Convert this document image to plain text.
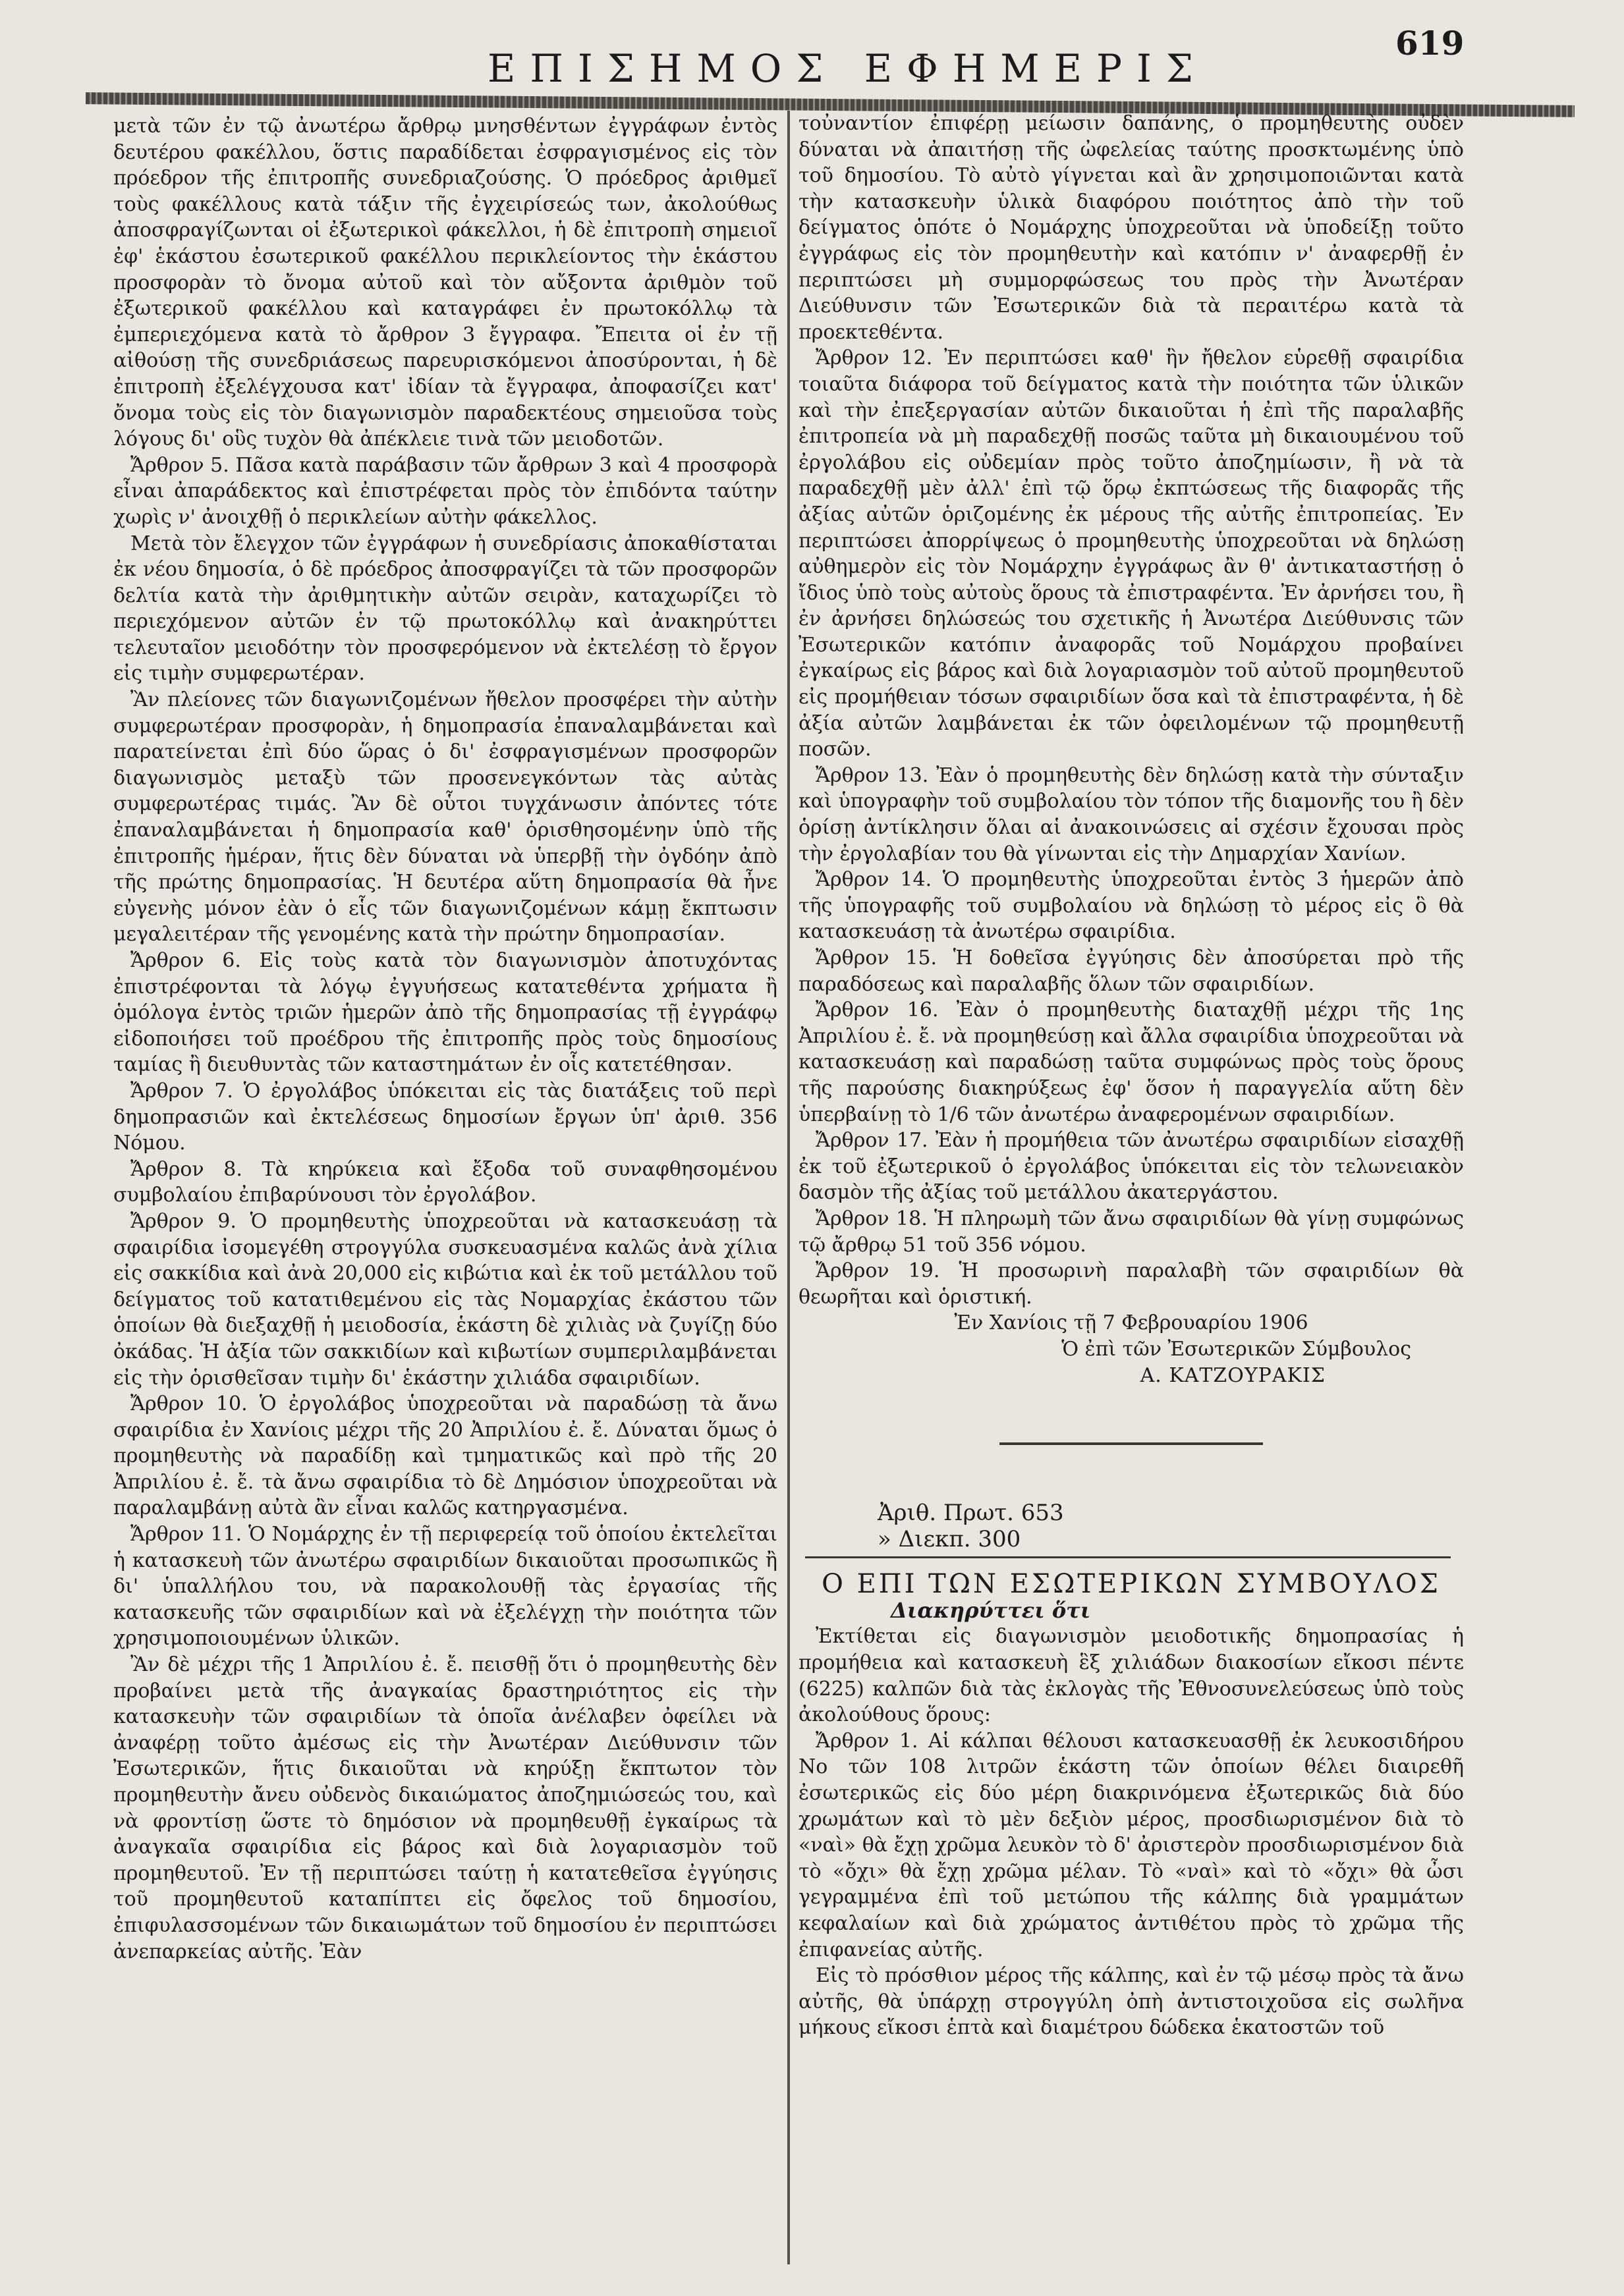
ΕΠΙΣΗΜΟΣ ΕΦΗΜΕΡΙΣ
619

μετὰ τῶν ἐν τῷ ἀνωτέρω ἄρθρῳ μνησθέντων ἐγγράφων ἐντὸς δευτέρου φακέλλου, ὅστις παραδίδεται ἐσφραγισμένος εἰς τὸν πρόεδρον τῆς ἐπιτροπῆς συνεδριαζούσης. Ὁ πρόεδρος ἀριθμεῖ τοὺς φακέλλους κατὰ τάξιν τῆς ἐγχειρίσεώς των, ἀκολούθως ἀποσφραγίζωνται οἱ ἐξωτερικοὶ φάκελλοι, ἡ δὲ ἐπιτροπὴ σημειοῖ ἐφ' ἑκάστου ἐσωτερικοῦ φακέλλου περικλείοντος τὴν ἑκάστου προσφορὰν τὸ ὄνομα αὐτοῦ καὶ τὸν αὔξοντα ἀριθμὸν τοῦ ἐξωτερικοῦ φακέλλου καὶ καταγράφει ἐν πρωτοκόλλῳ τὰ ἐμπεριεχόμενα κατὰ τὸ ἄρθρον 3 ἔγγραφα. Ἔπειτα οἱ ἐν τῇ αἰθούσῃ τῆς συνεδριάσεως παρευρισκόμενοι ἀποσύρονται, ἡ δὲ ἐπιτροπὴ ἐξελέγχουσα κατ' ἰδίαν τὰ ἔγγραφα, ἀποφασίζει κατ' ὄνομα τοὺς εἰς τὸν διαγωνισμὸν παραδεκτέους σημειοῦσα τοὺς λόγους δι' οὓς τυχὸν θὰ ἀπέκλειε τινὰ τῶν μειοδοτῶν.

Ἄρθρον 5. Πᾶσα κατὰ παράβασιν τῶν ἄρθρων 3 καὶ 4 προσφορὰ εἶναι ἀπαράδεκτος καὶ ἐπιστρέφεται πρὸς τὸν ἐπιδόντα ταύτην χωρὶς ν' ἀνοιχθῇ ὁ περικλείων αὐτὴν φάκελλος.

Μετὰ τὸν ἔλεγχον τῶν ἐγγράφων ἡ συνεδρίασις ἀποκαθίσταται ἐκ νέου δημοσία, ὁ δὲ πρόεδρος ἀποσφραγίζει τὰ τῶν προσφορῶν δελτία κατὰ τὴν ἀριθμητικὴν αὐτῶν σειρὰν, καταχωρίζει τὸ περιεχόμενον αὐτῶν ἐν τῷ πρωτοκόλλῳ καὶ ἀνακηρύττει τελευταῖον μειοδότην τὸν προσφερόμενον νὰ ἐκτελέσῃ τὸ ἔργον εἰς τιμὴν συμφερωτέραν.

Ἂν πλείονες τῶν διαγωνιζομένων ἤθελον προσφέρει τὴν αὐτὴν συμφερωτέραν προσφορὰν, ἡ δημοπρασία ἐπαναλαμβάνεται καὶ παρατείνεται ἐπὶ δύο ὥρας ὁ δι' ἐσφραγισμένων προσφορῶν διαγωνισμὸς μεταξὺ τῶν προσενεγκόντων τὰς αὐτὰς συμφερωτέρας τιμάς. Ἂν δὲ οὗτοι τυγχάνωσιν ἀπόντες τότε ἐπαναλαμβάνεται ἡ δημοπρασία καθ' ὁρισθησομένην ὑπὸ τῆς ἐπιτροπῆς ἡμέραν, ἥτις δὲν δύναται νὰ ὑπερβῇ τὴν ὀγδόην ἀπὸ τῆς πρώτης δημοπρασίας. Ἡ δευτέρα αὕτη δημοπρασία θὰ ἦνε εὐγενὴς μόνον ἐὰν ὁ εἷς τῶν διαγωνιζομένων κάμῃ ἔκπτωσιν μεγαλειτέραν τῆς γενομένης κατὰ τὴν πρώτην δημοπρασίαν.

Ἄρθρον 6. Εἰς τοὺς κατὰ τὸν διαγωνισμὸν ἀποτυχόντας ἐπιστρέφονται τὰ λόγῳ ἐγγυήσεως κατατεθέντα χρήματα ἢ ὁμόλογα ἐντὸς τριῶν ἡμερῶν ἀπὸ τῆς δημοπρασίας τῇ ἐγγράφῳ εἰδοποιήσει τοῦ προέδρου τῆς ἐπιτροπῆς πρὸς τοὺς δημοσίους ταμίας ἢ διευθυντὰς τῶν καταστημάτων ἐν οἷς κατετέθησαν.

Ἄρθρον 7. Ὁ ἐργολάβος ὑπόκειται εἰς τὰς διατάξεις τοῦ περὶ δημοπρασιῶν καὶ ἐκτελέσεως δημοσίων ἔργων ὑπ' ἀριθ. 356 Νόμου.

Ἄρθρον 8. Τὰ κηρύκεια καὶ ἔξοδα τοῦ συναφθησομένου συμβολαίου ἐπιβαρύνουσι τὸν ἐργολάβον.

Ἄρθρον 9. Ὁ προμηθευτὴς ὑποχρεοῦται νὰ κατασκευάσῃ τὰ σφαιρίδια ἰσομεγέθη στρογγύλα συσκευασμένα καλῶς ἀνὰ χίλια εἰς σακκίδια καὶ ἀνὰ 20,000 εἰς κιβώτια καὶ ἐκ τοῦ μετάλλου τοῦ δείγματος τοῦ κατατιθεμένου εἰς τὰς Νομαρχίας ἐκάστου τῶν ὁποίων θὰ διεξαχθῇ ἡ μειοδοσία, ἑκάστη δὲ χιλιὰς νὰ ζυγίζῃ δύο ὀκάδας. Ἡ ἀξία τῶν σακκιδίων καὶ κιβωτίων συμπεριλαμβάνεται εἰς τὴν ὁρισθεῖσαν τιμὴν δι' ἑκάστην χιλιάδα σφαιριδίων.

Ἄρθρον 10. Ὁ ἐργολάβος ὑποχρεοῦται νὰ παραδώσῃ τὰ ἄνω σφαιρίδια ἐν Χανίοις μέχρι τῆς 20 Ἀπριλίου ἐ. ἔ. Δύναται ὅμως ὁ προμηθευτὴς νὰ παραδίδῃ καὶ τμηματικῶς καὶ πρὸ τῆς 20 Ἀπριλίου ἐ. ἔ. τὰ ἄνω σφαιρίδια τὸ δὲ Δημόσιον ὑποχρεοῦται νὰ παραλαμβάνῃ αὐτὰ ἂν εἶναι καλῶς κατηργασμένα.

Ἄρθρον 11. Ὁ Νομάρχης ἐν τῇ περιφερείᾳ τοῦ ὁποίου ἐκτελεῖται ἡ κατασκευὴ τῶν ἀνωτέρω σφαιριδίων δικαιοῦται προσωπικῶς ἢ δι' ὑπαλλήλου του, νὰ παρακολουθῇ τὰς ἐργασίας τῆς κατασκευῆς τῶν σφαιριδίων καὶ νὰ ἐξελέγχῃ τὴν ποιότητα τῶν χρησιμοποιουμένων ὑλικῶν.

Ἂν δὲ μέχρι τῆς 1 Ἀπριλίου ἐ. ἔ. πεισθῇ ὅτι ὁ προμηθευτὴς δὲν προβαίνει μετὰ τῆς ἀναγκαίας δραστηριότητος εἰς τὴν κατασκευὴν τῶν σφαιριδίων τὰ ὁποῖα ἀνέλαβεν ὀφείλει νὰ ἀναφέρῃ τοῦτο ἀμέσως εἰς τὴν Ἀνωτέραν Διεύθυνσιν τῶν Ἐσωτερικῶν, ἥτις δικαιοῦται νὰ κηρύξῃ ἔκπτωτον τὸν προμηθευτὴν ἄνευ οὐδενὸς δικαιώματος ἀποζημιώσεώς του, καὶ νὰ φροντίσῃ ὥστε τὸ δημόσιον νὰ προμηθευθῇ ἐγκαίρως τὰ ἀναγκαῖα σφαιρίδια εἰς βάρος καὶ διὰ λογαριασμὸν τοῦ προμηθευτοῦ. Ἐν τῇ περιπτώσει ταύτῃ ἡ κατατεθεῖσα ἐγγύησις τοῦ προμηθευτοῦ καταπίπτει εἰς ὄφελος τοῦ δημοσίου, ἐπιφυλασσομένων τῶν δικαιωμάτων τοῦ δημοσίου ἐν περιπτώσει ἀνεπαρκείας αὐτῆς. Ἐὰν

τοὐναντίον ἐπιφέρῃ μείωσιν δαπάνης, ὁ προμηθευτὴς οὐδὲν δύναται νὰ ἀπαιτήσῃ τῆς ὠφελείας ταύτης προσκτωμένης ὑπὸ τοῦ δημοσίου. Τὸ αὐτὸ γίγνεται καὶ ἂν χρησιμοποιῶνται κατὰ τὴν κατασκευὴν ὑλικὰ διαφόρου ποιότητος ἀπὸ τὴν τοῦ δείγματος ὁπότε ὁ Νομάρχης ὑποχρεοῦται νὰ ὑποδείξῃ τοῦτο ἐγγράφως εἰς τὸν προμηθευτὴν καὶ κατόπιν ν' ἀναφερθῇ ἐν περιπτώσει μὴ συμμορφώσεως του πρὸς τὴν Ἀνωτέραν Διεύθυνσιν τῶν Ἐσωτερικῶν διὰ τὰ περαιτέρω κατὰ τὰ προεκτεθέντα.

Ἄρθρον 12. Ἐν περιπτώσει καθ' ἣν ἤθελον εὑρεθῇ σφαιρίδια τοιαῦτα διάφορα τοῦ δείγματος κατὰ τὴν ποιότητα τῶν ὑλικῶν καὶ τὴν ἐπεξεργασίαν αὐτῶν δικαιοῦται ἡ ἐπὶ τῆς παραλαβῆς ἐπιτροπεία νὰ μὴ παραδεχθῇ ποσῶς ταῦτα μὴ δικαιουμένου τοῦ ἐργολάβου εἰς οὐδεμίαν πρὸς τοῦτο ἀποζημίωσιν, ἢ νὰ τὰ παραδεχθῇ μὲν ἀλλ' ἐπὶ τῷ ὅρῳ ἐκπτώσεως τῆς διαφορᾶς τῆς ἀξίας αὐτῶν ὁριζομένης ἐκ μέρους τῆς αὐτῆς ἐπιτροπείας. Ἐν περιπτώσει ἀπορρίψεως ὁ προμηθευτὴς ὑποχρεοῦται νὰ δηλώσῃ αὐθημερὸν εἰς τὸν Νομάρχην ἐγγράφως ἂν θ' ἀντικαταστήσῃ ὁ ἴδιος ὑπὸ τοὺς αὐτοὺς ὅρους τὰ ἐπιστραφέντα. Ἐν ἀρνήσει του, ἢ ἐν ἀρνήσει δηλώσεώς του σχετικῆς ἡ Ἀνωτέρα Διεύθυνσις τῶν Ἐσωτερικῶν κατόπιν ἀναφορᾶς τοῦ Νομάρχου προβαίνει ἐγκαίρως εἰς βάρος καὶ διὰ λογαριασμὸν τοῦ αὐτοῦ προμηθευτοῦ εἰς προμήθειαν τόσων σφαιριδίων ὅσα καὶ τὰ ἐπιστραφέντα, ἡ δὲ ἀξία αὐτῶν λαμβάνεται ἐκ τῶν ὀφειλομένων τῷ προμηθευτῇ ποσῶν.

Ἄρθρον 13. Ἐὰν ὁ προμηθευτὴς δὲν δηλώσῃ κατὰ τὴν σύνταξιν καὶ ὑπογραφὴν τοῦ συμβολαίου τὸν τόπον τῆς διαμονῆς του ἢ δὲν ὁρίσῃ ἀντίκλησιν ὅλαι αἱ ἀνακοινώσεις αἱ σχέσιν ἔχουσαι πρὸς τὴν ἐργολαβίαν του θὰ γίνωνται εἰς τὴν Δημαρχίαν Χανίων.

Ἄρθρον 14. Ὁ προμηθευτὴς ὑποχρεοῦται ἐντὸς 3 ἡμερῶν ἀπὸ τῆς ὑπογραφῆς τοῦ συμβολαίου νὰ δηλώσῃ τὸ μέρος εἰς ὃ θὰ κατασκευάσῃ τὰ ἀνωτέρω σφαιρίδια.

Ἄρθρον 15. Ἡ δοθεῖσα ἐγγύησις δὲν ἀποσύρεται πρὸ τῆς παραδόσεως καὶ παραλαβῆς ὅλων τῶν σφαιριδίων.

Ἄρθρον 16. Ἐὰν ὁ προμηθευτὴς διαταχθῇ μέχρι τῆς 1ης Ἀπριλίου ἐ. ἔ. νὰ προμηθεύσῃ καὶ ἄλλα σφαιρίδια ὑποχρεοῦται νὰ κατασκευάσῃ καὶ παραδώσῃ ταῦτα συμφώνως πρὸς τοὺς ὅρους τῆς παρούσης διακηρύξεως ἐφ' ὅσον ἡ παραγγελία αὕτη δὲν ὑπερβαίνῃ τὸ 1/6 τῶν ἀνωτέρω ἀναφερομένων σφαιριδίων.

Ἄρθρον 17. Ἐὰν ἡ προμήθεια τῶν ἀνωτέρω σφαιριδίων εἰσαχθῇ ἐκ τοῦ ἐξωτερικοῦ ὁ ἐργολάβος ὑπόκειται εἰς τὸν τελωνειακὸν δασμὸν τῆς ἀξίας τοῦ μετάλλου ἀκατεργάστου.

Ἄρθρον 18. Ἡ πληρωμὴ τῶν ἄνω σφαιριδίων θὰ γίνῃ συμφώνως τῷ ἄρθρῳ 51 τοῦ 356 νόμου.

Ἄρθρον 19. Ἡ προσωρινὴ παραλαβὴ τῶν σφαιριδίων θὰ θεωρῆται καὶ ὁριστική.

Ἐν Χανίοις τῇ 7 Φεβρουαρίου 1906

Ὁ ἐπὶ τῶν Ἐσωτερικῶν Σύμβουλος

Α. ΚΑΤΖΟΥΡΑΚΙΣ

Ἀριθ. Πρωτ. 653

» Διεκπ. 300

Ο ΕΠΙ ΤΩΝ ΕΣΩΤΕΡΙΚΩΝ ΣΥΜΒΟΥΛΟΣ

Διακηρύττει ὅτι

Ἐκτίθεται εἰς διαγωνισμὸν μειοδοτικῆς δημοπρασίας ἡ προμήθεια καὶ κατασκευὴ ἓξ χιλιάδων διακοσίων εἴκοσι πέντε (6225) καλπῶν διὰ τὰς ἐκλογὰς τῆς Ἐθνοσυνελεύσεως ὑπὸ τοὺς ἀκολούθους ὅρους:

Ἄρθρον 1. Αἱ κάλπαι θέλουσι κατασκευασθῇ ἐκ λευκοσιδήρου Νο τῶν 108 λιτρῶν ἑκάστη τῶν ὁποίων θέλει διαιρεθῆ ἐσωτερικῶς εἰς δύο μέρη διακρινόμενα ἐξωτερικῶς διὰ δύο χρωμάτων καὶ τὸ μὲν δεξιὸν μέρος, προσδιωρισμένον διὰ τὸ «ναὶ» θὰ ἔχῃ χρῶμα λευκὸν τὸ δ' ἀριστερὸν προσδιωρισμένον διὰ τὸ «ὄχι» θὰ ἔχῃ χρῶμα μέλαν. Τὸ «ναὶ» καὶ τὸ «ὄχι» θὰ ὦσι γεγραμμένα ἐπὶ τοῦ μετώπου τῆς κάλπης διὰ γραμμάτων κεφαλαίων καὶ διὰ χρώματος ἀντιθέτου πρὸς τὸ χρῶμα τῆς ἐπιφανείας αὐτῆς.

Εἰς τὸ πρόσθιον μέρος τῆς κάλπης, καὶ ἐν τῷ μέσῳ πρὸς τὰ ἄνω αὐτῆς, θὰ ὑπάρχῃ στρογγύλη ὀπὴ ἀντιστοιχοῦσα εἰς σωλῆνα μήκους εἴκοσι ἑπτὰ καὶ διαμέτρου δώδεκα ἑκατοστῶν τοῦ
